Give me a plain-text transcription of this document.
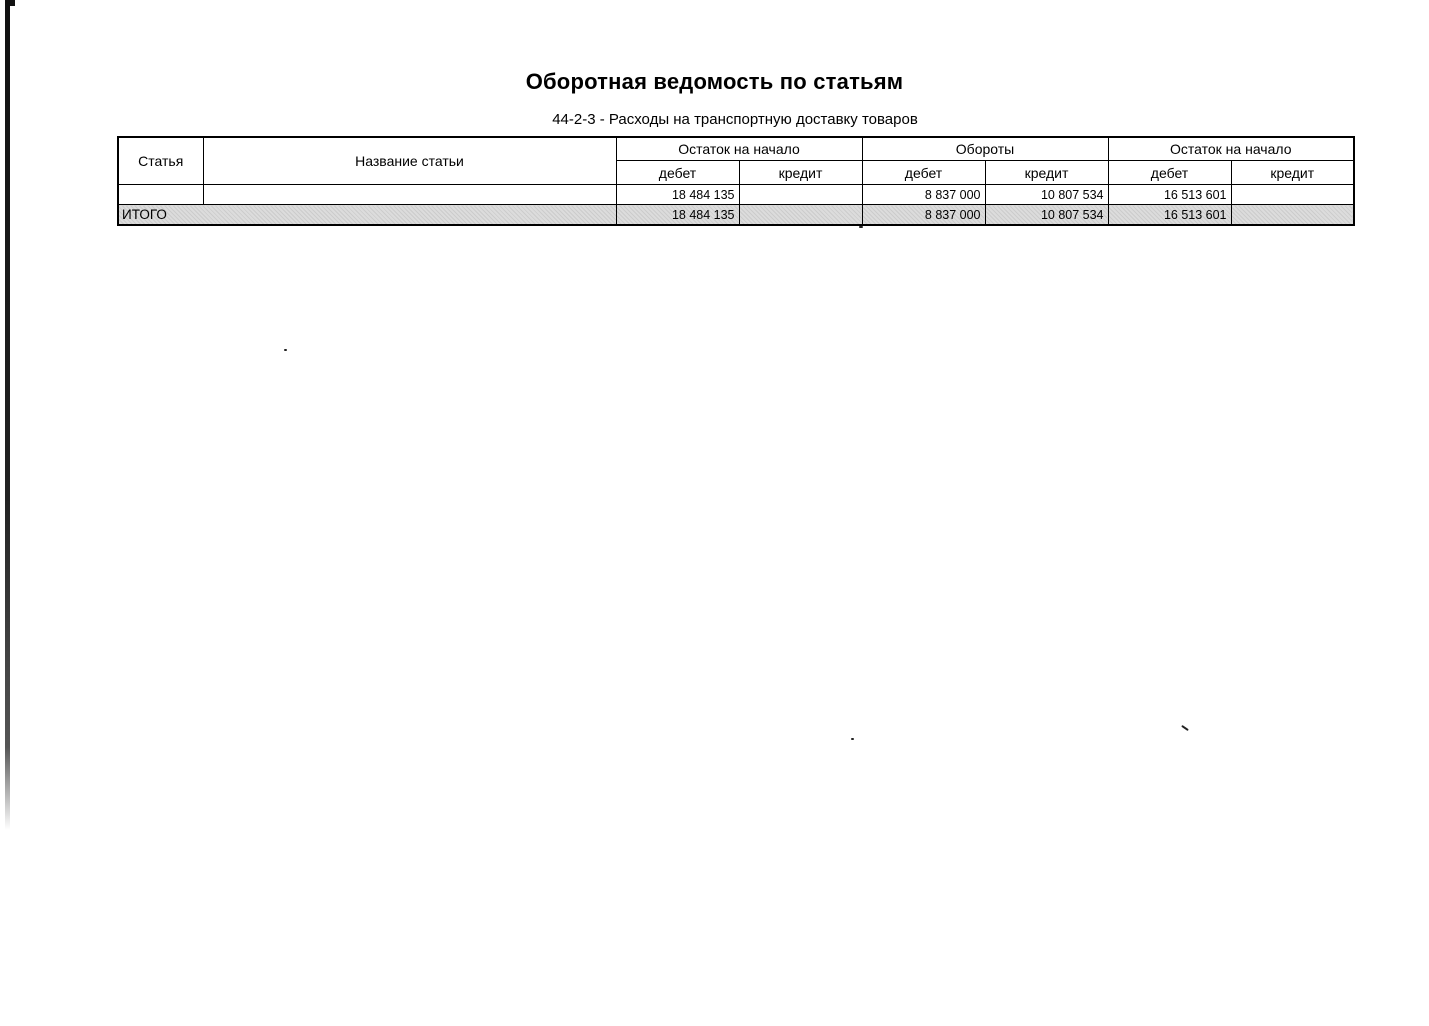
Оборотная ведомость по статьям
44-2-3 - Расходы на транспортную доставку товаров
Статья	Название статьи	Остаток на начало		Обороты		Остаток на начало	
		дебет	кредит	дебет	кредит	дебет	кредит
		18 484 135		8 837 000	10 807 534	16 513 601	
ИТОГО		18 484 135		8 837 000	10 807 534	16 513 601	
